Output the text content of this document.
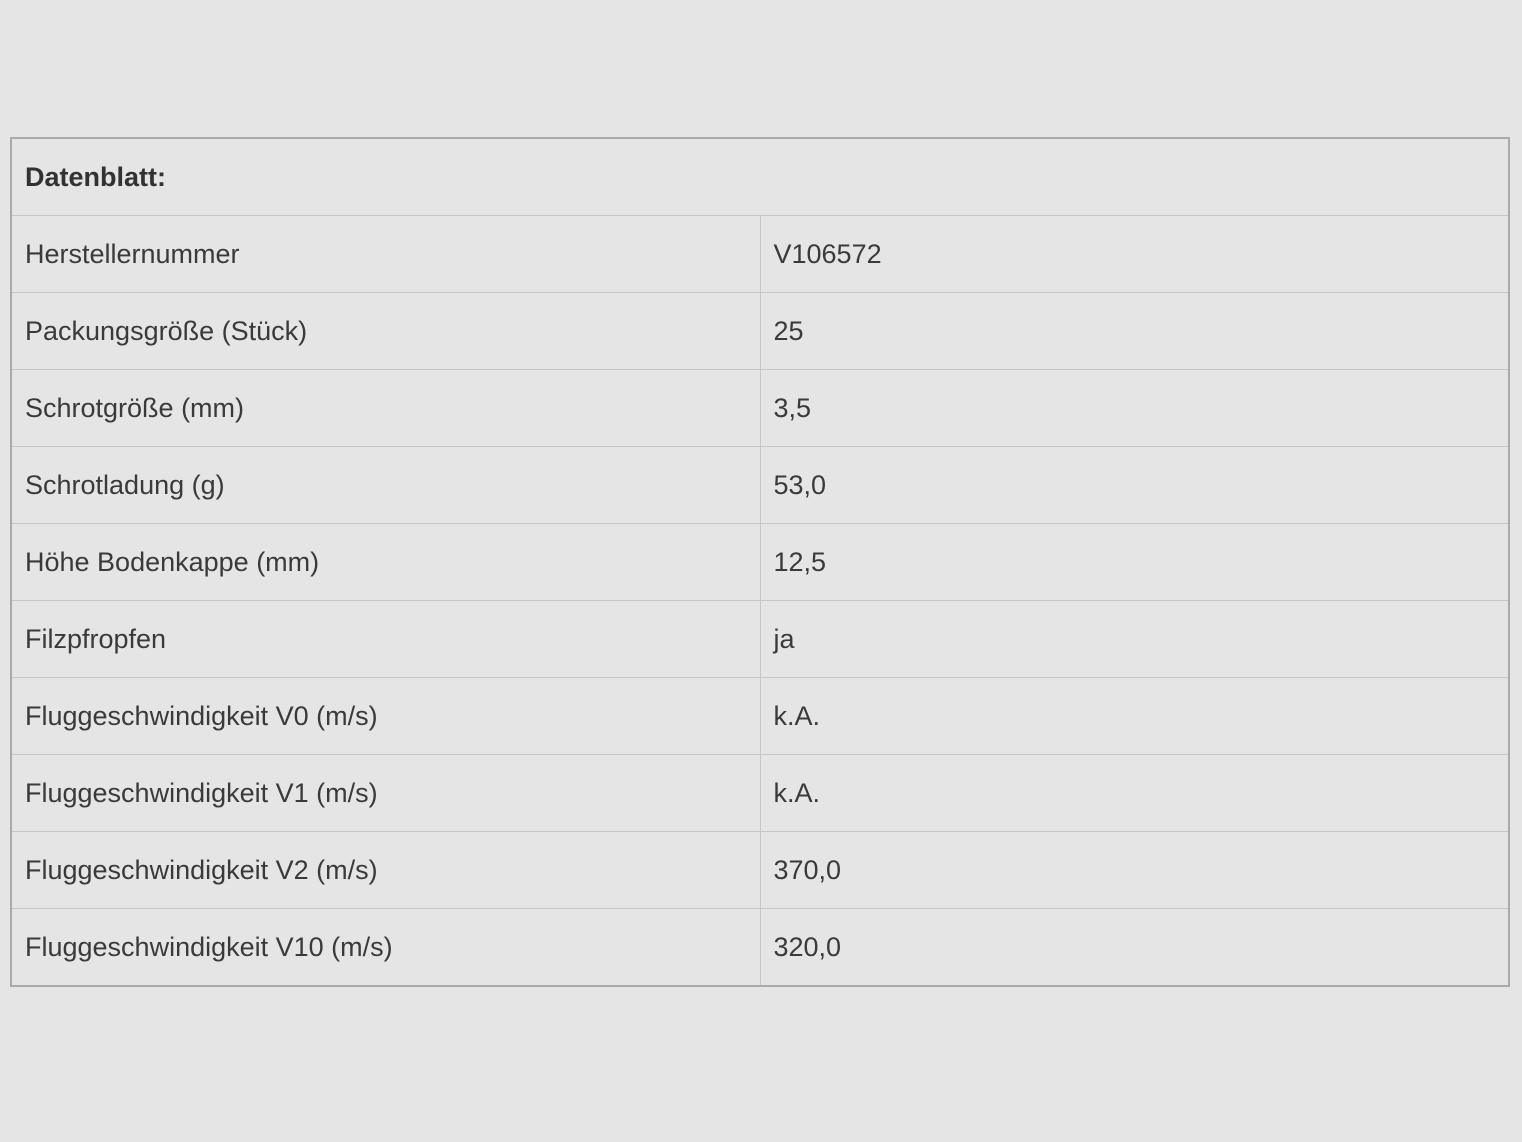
Datenblatt:	
Herstellernummer	V106572
Packungsgröße (Stück)	25
Schrotgröße (mm)	3,5
Schrotladung (g)	53,0
Höhe Bodenkappe (mm)	12,5
Filzpfropfen	ja
Fluggeschwindigkeit V0 (m/s)	k.A.
Fluggeschwindigkeit V1 (m/s)	k.A.
Fluggeschwindigkeit V2 (m/s)	370,0
Fluggeschwindigkeit V10 (m/s)	320,0
